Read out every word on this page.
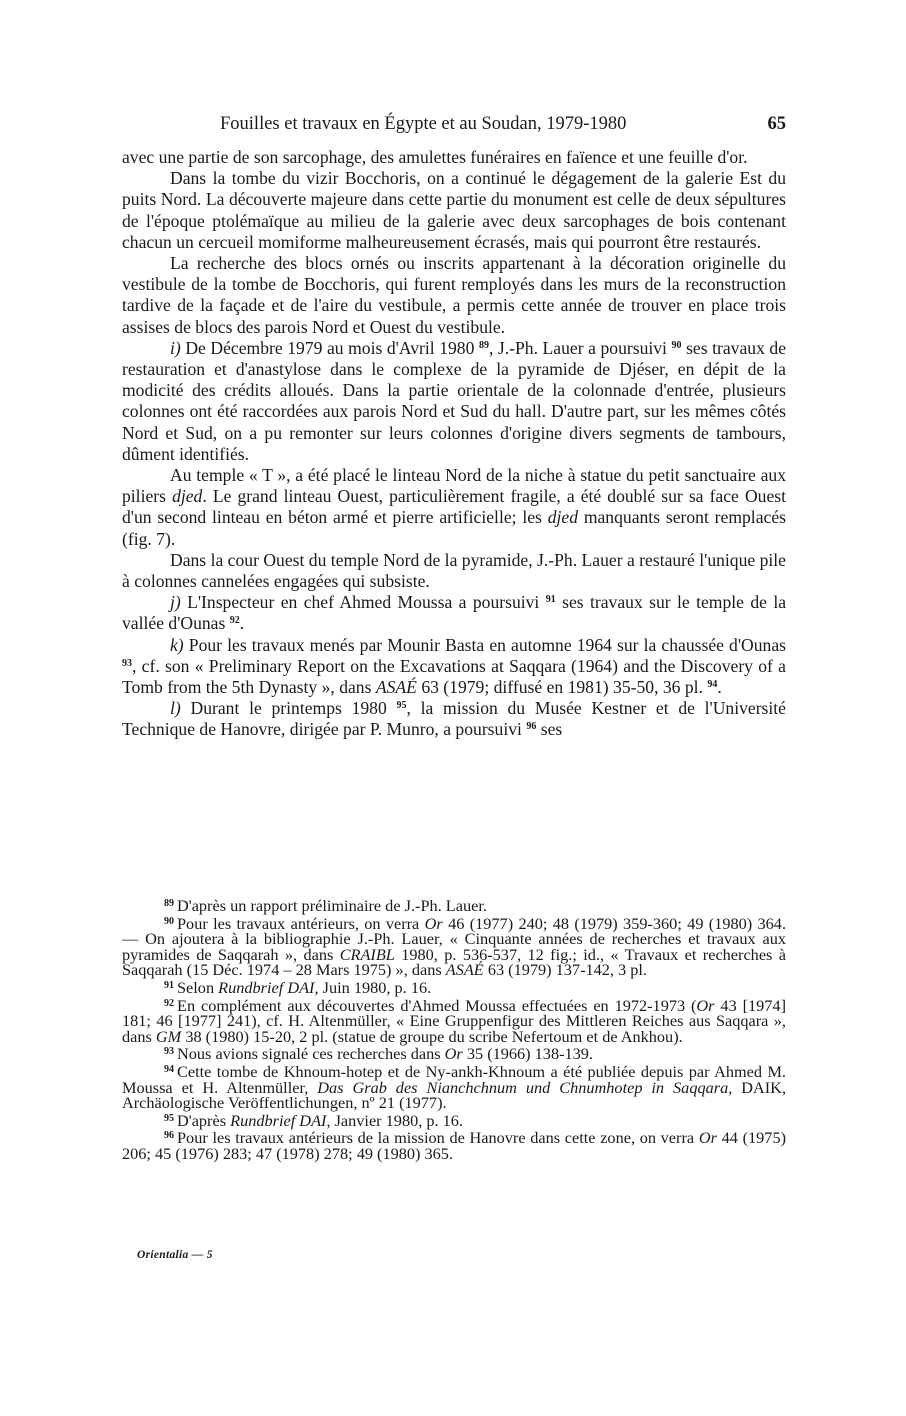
Fouilles et travaux en Égypte et au Soudan, 1979-1980	65

avec une partie de son sarcophage, des amulettes funéraires en faïence et une feuille d'or.

Dans la tombe du vizir Bocchoris, on a continué le dégagement de la galerie Est du puits Nord. La découverte majeure dans cette partie du monument est celle de deux sépultures de l'époque ptolémaïque au milieu de la galerie avec deux sarcophages de bois contenant chacun un cercueil momiforme malheureusement écrasés, mais qui pourront être restaurés.

La recherche des blocs ornés ou inscrits appartenant à la décoration originelle du vestibule de la tombe de Bocchoris, qui furent remployés dans les murs de la reconstruction tardive de la façade et de l'aire du vestibule, a permis cette année de trouver en place trois assises de blocs des parois Nord et Ouest du vestibule.

i) De Décembre 1979 au mois d'Avril 1980 $^{89}$, J.-Ph. Lauer a poursuivi $^{90}$ ses travaux de restauration et d'anastylose dans le complexe de la pyramide de Djéser, en dépit de la modicité des crédits alloués. Dans la partie orientale de la colonnade d'entrée, plusieurs colonnes ont été raccordées aux parois Nord et Sud du hall. D'autre part, sur les mêmes côtés Nord et Sud, on a pu remonter sur leurs colonnes d'origine divers segments de tambours, dûment identifiés.

Au temple « T », a été placé le linteau Nord de la niche à statue du petit sanctuaire aux piliers djed. Le grand linteau Ouest, particulièrement fragile, a été doublé sur sa face Ouest d'un second linteau en béton armé et pierre artificielle; les djed manquants seront remplacés (fig. 7).

Dans la cour Ouest du temple Nord de la pyramide, J.-Ph. Lauer a restauré l'unique pile à colonnes cannelées engagées qui subsiste.

j) L'Inspecteur en chef Ahmed Moussa a poursuivi $^{91}$ ses travaux sur le temple de la vallée d'Ounas $^{92}$.

k) Pour les travaux menés par Mounir Basta en automne 1964 sur la chaussée d'Ounas $^{93}$, cf. son « Preliminary Report on the Excavations at Saqqara (1964) and the Discovery of a Tomb from the 5th Dynasty », dans ASAÉ 63 (1979; diffusé en 1981) 35-50, 36 pl. $^{94}$.

l) Durant le printemps 1980 $^{95}$, la mission du Musée Kestner et de l'Université Technique de Hanovre, dirigée par P. Munro, a poursuivi $^{96}$ ses

$^{89}$ D'après un rapport préliminaire de J.-Ph. Lauer.

$^{90}$ Pour les travaux antérieurs, on verra Or 46 (1977) 240; 48 (1979) 359-360; 49 (1980) 364. — On ajoutera à la bibliographie J.-Ph. Lauer, « Cinquante années de recherches et travaux aux pyramides de Saqqarah », dans CRAIBL 1980, p. 536-537, 12 fig.; id., « Travaux et recherches à Saqqarah (15 Déc. 1974 – 28 Mars 1975) », dans ASAÉ 63 (1979) 137-142, 3 pl.

$^{91}$ Selon Rundbrief DAI, Juin 1980, p. 16.

$^{92}$ En complément aux découvertes d'Ahmed Moussa effectuées en 1972-1973 (Or 43 [1974] 181; 46 [1977] 241), cf. H. Altenmüller, « Eine Gruppenfigur des Mittleren Reiches aus Saqqara », dans GM 38 (1980) 15-20, 2 pl. (statue de groupe du scribe Nefertoum et de Ankhou).

$^{93}$ Nous avions signalé ces recherches dans Or 35 (1966) 138-139.

$^{94}$ Cette tombe de Khnoum-hotep et de Ny-ankh-Khnoum a été publiée depuis par Ahmed M. Moussa et H. Altenmüller, Das Grab des Nianchchnum und Chnumhotep in Saqqara, DAIK, Archäologische Veröffentlichungen, nº 21 (1977).

$^{95}$ D'après Rundbrief DAI, Janvier 1980, p. 16.

$^{96}$ Pour les travaux antérieurs de la mission de Hanovre dans cette zone, on verra Or 44 (1975) 206; 45 (1976) 283; 47 (1978) 278; 49 (1980) 365.

Orientalia — 5
